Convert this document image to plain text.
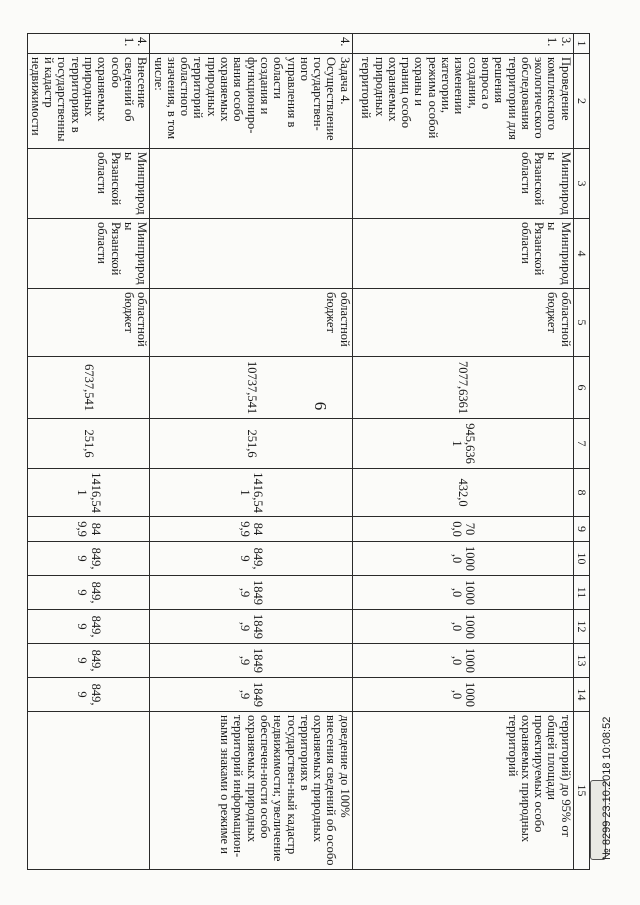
6
1	2	3	4	5	6	7	8	9	10	11	12	13	14	15
3.1.	Проведение комплексного экологического обследования территории для решения вопроса о создании, изменении категории, режима особой охраны и границ особо охраняемых природных территорий	Минприроды Рязанской области	Минприроды Рязанской области	областной бюджет	7077,6361	945,6361	432,0	700,0	1000,0	1000,0	1000,0	1000,0	1000,0	территорий) до 95% от общей площади проектируемых особо охраняемых природных территорий
4.	Задача 4. Осуществление государствен-ного управления в области создания и функциониро-вания особо охраняемых природных территорий областного значения, в том числе:			областной бюджет	10737,541	251,6	1416,541	849,9	849,9	1849,9	1849,9	1849,9	1849,9	доведение до 100% внесения сведений об особо охраняемых природных территориях в государствен-ный кадастр недвижимости; увеличение обеспечен-ности особо охраняемых природных территорий информацион-ными знаками о режиме и
4.1.	Внесение сведений об особо охраняемых природных территориях в государственный кадастр недвижимости	Минприроды Рязанской области	Минприроды Рязанской области	областной бюджет	6737,541	251,6	1416,541	849,9	849,9	849,9	849,9	849,9	849,9	
№ 8299 23.10.2018 10:08:52
